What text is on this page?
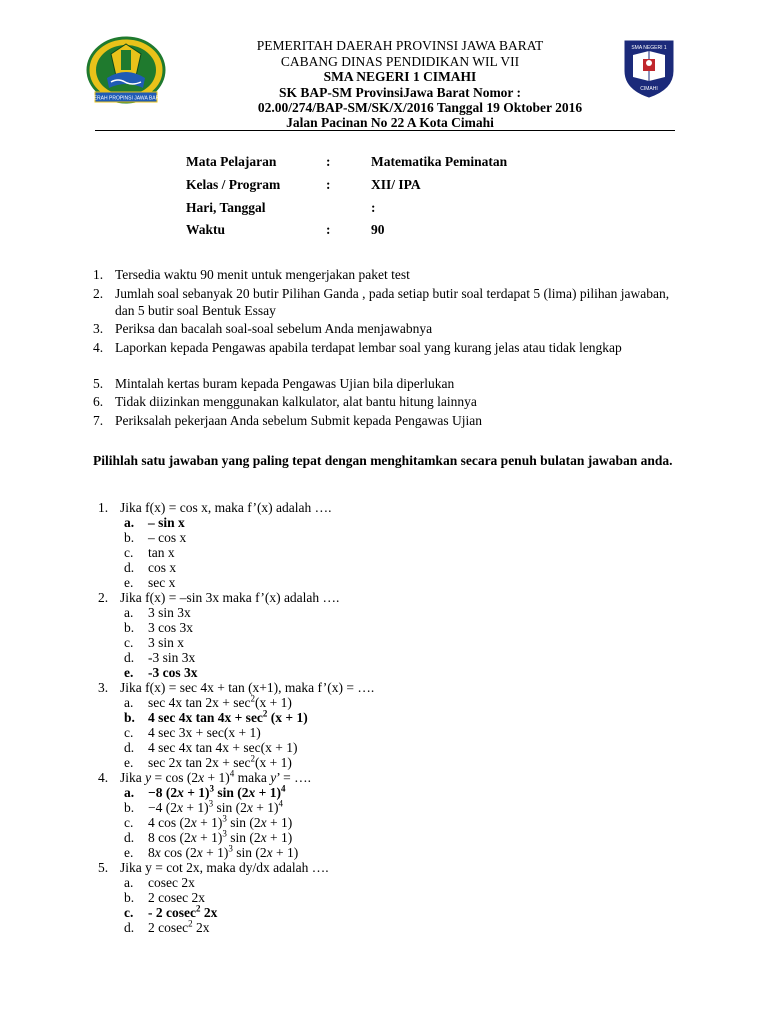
DAERAH PROPINSI JAWA BARAT
SMA NEGERI 1
CIMAHI
PEMERITAH DAERAH PROVINSI JAWA BARAT
CABANG DINAS PENDIDIKAN WIL VII
SMA NEGERI 1 CIMAHI
SK BAP-SM ProvinsiJawa Barat Nomor :
02.00/274/BAP-SM/SK/X/2016 Tanggal 19 Oktober 2016
Jalan Pacinan No 22 A Kota Cimahi
Mata Pelajaran	:	Matematika Peminatan
Kelas / Program	:	XII/ IPA
Hari, Tanggal	:
Waktu	:	90
1. Tersedia waktu 90 menit untuk mengerjakan paket test
2. Jumlah soal sebanyak 20 butir Pilihan Ganda , pada setiap butir soal terdapat 5 (lima) pilihan jawaban, dan 5 butir soal Bentuk Essay
3. Periksa dan bacalah soal-soal sebelum Anda menjawabnya
4. Laporkan kepada Pengawas apabila terdapat lembar soal yang kurang jelas atau tidak lengkap
5. Mintalah kertas buram kepada Pengawas Ujian bila diperlukan
6. Tidak diizinkan menggunakan kalkulator, alat bantu hitung lainnya
7. Periksalah pekerjaan Anda sebelum Submit kepada Pengawas Ujian
Pilihlah satu jawaban yang paling tepat dengan menghitamkan secara penuh bulatan jawaban anda.
1. Jika f(x) = cos x, maka f’(x) adalah ….
a. – sin x
b. – cos x
c. tan x
d. cos x
e. sec x
2. Jika f(x) = –sin 3x maka f’(x) adalah ….
a. 3 sin 3x
b. 3 cos 3x
c. 3 sin x
d. -3 sin 3x
e. -3 cos 3x
3. Jika f(x) = sec 4x + tan (x+1), maka f’(x) = ….
a. sec 4x $\tan 2x + \sec^2(x + 1)$
b. 4 sec 4x $\tan 4x + \sec^2 (x + 1)$
c. 4 sec 3x + sec(x + 1)
d. 4 sec 4x tan 4x + sec(x + 1)
e. sec 2x $\tan 2x + \sec^2(x + 1)$
4. Jika $y = \cos (2x + 1)^4$ maka y’ = ….
a. −8 $(2x + 1)^3$ $\sin (2x + 1)^4$
b. −4 $(2x + 1)^3$ $\sin (2x + 1)^4$
c. 4 $\cos (2x + 1)^3$ sin (2x + 1)
d. 8 $\cos (2x + 1)^3$ sin (2x + 1)
e. 8x $\cos (2x + 1)^3$ sin (2x + 1)
5. Jika y = cot 2x, maka dy/dx adalah ….
a. cosec 2x
b. 2 cosec 2x
c. - 2 cosec$^2$ 2x
d. 2 cosec$^2$ 2x
